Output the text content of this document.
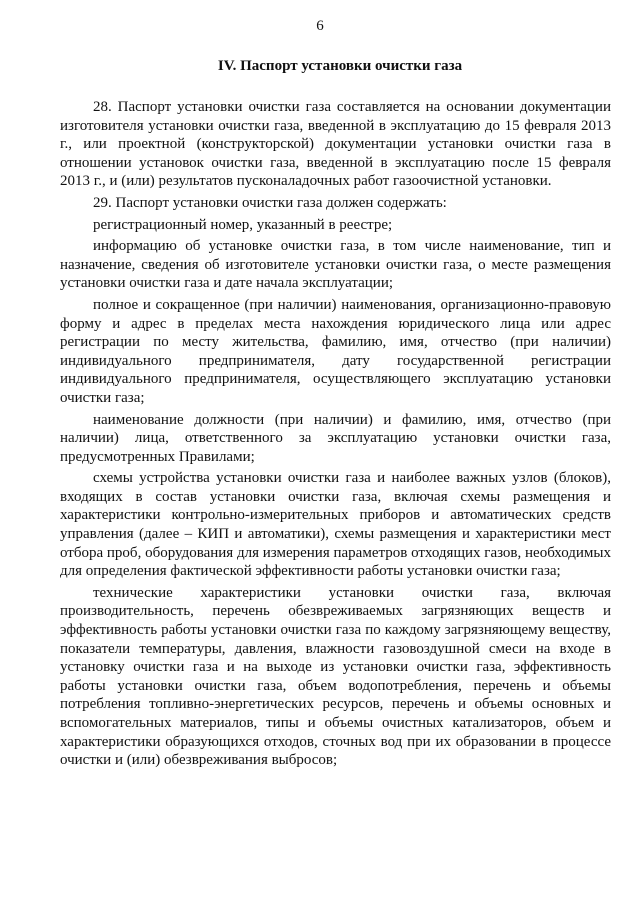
6
IV. Паспорт установки очистки газа

28. Паспорт установки очистки газа составляется на основании документации изготовителя установки очистки газа, введенной в эксплуатацию до 15 февраля 2013 г., или проектной (конструкторской) документации установки очистки газа в отношении установок очистки газа, введенной в эксплуатацию после 15 февраля 2013 г., и (или) результатов пусконаладочных работ газоочистной установки.

29. Паспорт установки очистки газа должен содержать:

регистрационный номер, указанный в реестре;

информацию об установке очистки газа, в том числе наименование, тип и назначение, сведения об изготовителе установки очистки газа, о месте размещения установки очистки газа и дате начала эксплуатации;

полное и сокращенное (при наличии) наименования, организационно-правовую форму и адрес в пределах места нахождения юридического лица или адрес регистрации по месту жительства, фамилию, имя, отчество (при наличии) индивидуального предпринимателя, дату государственной регистрации индивидуального предпринимателя, осуществляющего эксплуатацию установки очистки газа;

наименование должности (при наличии) и фамилию, имя, отчество (при наличии) лица, ответственного за эксплуатацию установки очистки газа, предусмотренных Правилами;

схемы устройства установки очистки газа и наиболее важных узлов (блоков), входящих в состав установки очистки газа, включая схемы размещения и характеристики контрольно-измерительных приборов и автоматических средств управления (далее – КИП и автоматики), схемы размещения и характеристики мест отбора проб, оборудования для измерения параметров отходящих газов, необходимых для определения фактической эффективности работы установки очистки газа;

технические характеристики установки очистки газа, включая производительность, перечень обезвреживаемых загрязняющих веществ и эффективность работы установки очистки газа по каждому загрязняющему веществу, показатели температуры, давления, влажности газовоздушной смеси на входе в установку очистки газа и на выходе из установки очистки газа, эффективность работы установки очистки газа, объем водопотребления, перечень и объемы потребления топливно-энергетических ресурсов, перечень и объемы основных и вспомогательных материалов, типы и объемы очистных катализаторов, объем и характеристики образующихся отходов, сточных вод при их образовании в процессе очистки и (или) обезвреживания выбросов;
